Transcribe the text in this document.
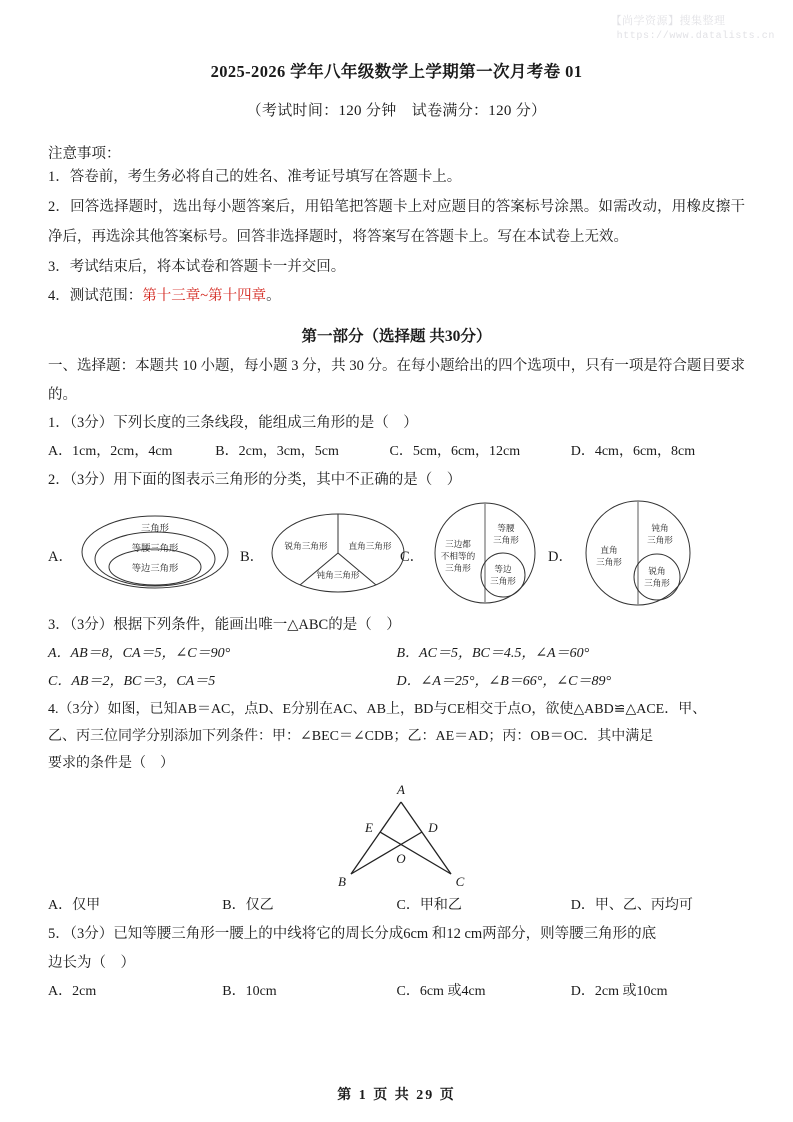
【尚学资源】搜集整理
https://www.datalists.cn
2025-2026 学年八年级数学上学期第一次月考卷 01
（考试时间：120 分钟　试卷满分：120 分）
注意事项：

1．答卷前，考生务必将自己的姓名、准考证号填写在答题卡上。

2．回答选择题时，选出每小题答案后，用铅笔把答题卡上对应题目的答案标号涂黑。如需改动，用橡皮擦干净后，再选涂其他答案标号。回答非选择题时，将答案写在答题卡上。写在本试卷上无效。

3．考试结束后，将本试卷和答题卡一并交回。

4．测试范围：第十三章~第十四章。

第一部分（选择题 共30分）

一、选择题：本题共 10 小题，每小题 3 分，共 30 分。在每小题给出的四个选项中，只有一项是符合题目要求的。

1．（3分）下列长度的三条线段，能组成三角形的是（　）

A．1cm，2cm，4cm	B．2cm，3cm，5cm	C．5cm，6cm，12cm	D．4cm，6cm，8cm

2．（3分）用下面的图表示三角形的分类，其中不正确的是（　）

A．
三角形
等腰三角形
等边三角形
B．
锐角三角形 直角三角形
钝角三角形
C．
三边都
不相等的
三角形
等腰
三角形
等边
三角形
D．	直角
三角形
钝角
三角形
锐角
三角形

3．（3分）根据下列条件，能画出唯一△ABC的是（　）

A．AB＝8，CA＝5，∠C＝90°	B．AC＝5，BC＝4.5，∠A＝60°
C．AB＝2，BC＝3，CA＝5	D．∠A＝25°，∠B＝66°，∠C＝89°

4.（3分）如图，已知AB＝AC，点D、E分别在AC、AB上，BD与CE相交于点O，欲使△ABD≌△ACE．甲、

乙、丙三位同学分别添加下列条件：甲：∠BEC＝∠CDB；乙：AE＝AD；丙：OB＝OC．其中满足

要求的条件是（　）

A
E	D
O
B	C
A．仅甲	B．仅乙	C．甲和乙	D．甲、乙、丙均可

5．（3分）已知等腰三角形一腰上的中线将它的周长分成6cm 和12 cm两部分，则等腰三角形的底

边长为（　）

A．2cm	B．10cm	C．6cm 或4cm	D．2cm 或10cm
第 1 页 共 29 页
